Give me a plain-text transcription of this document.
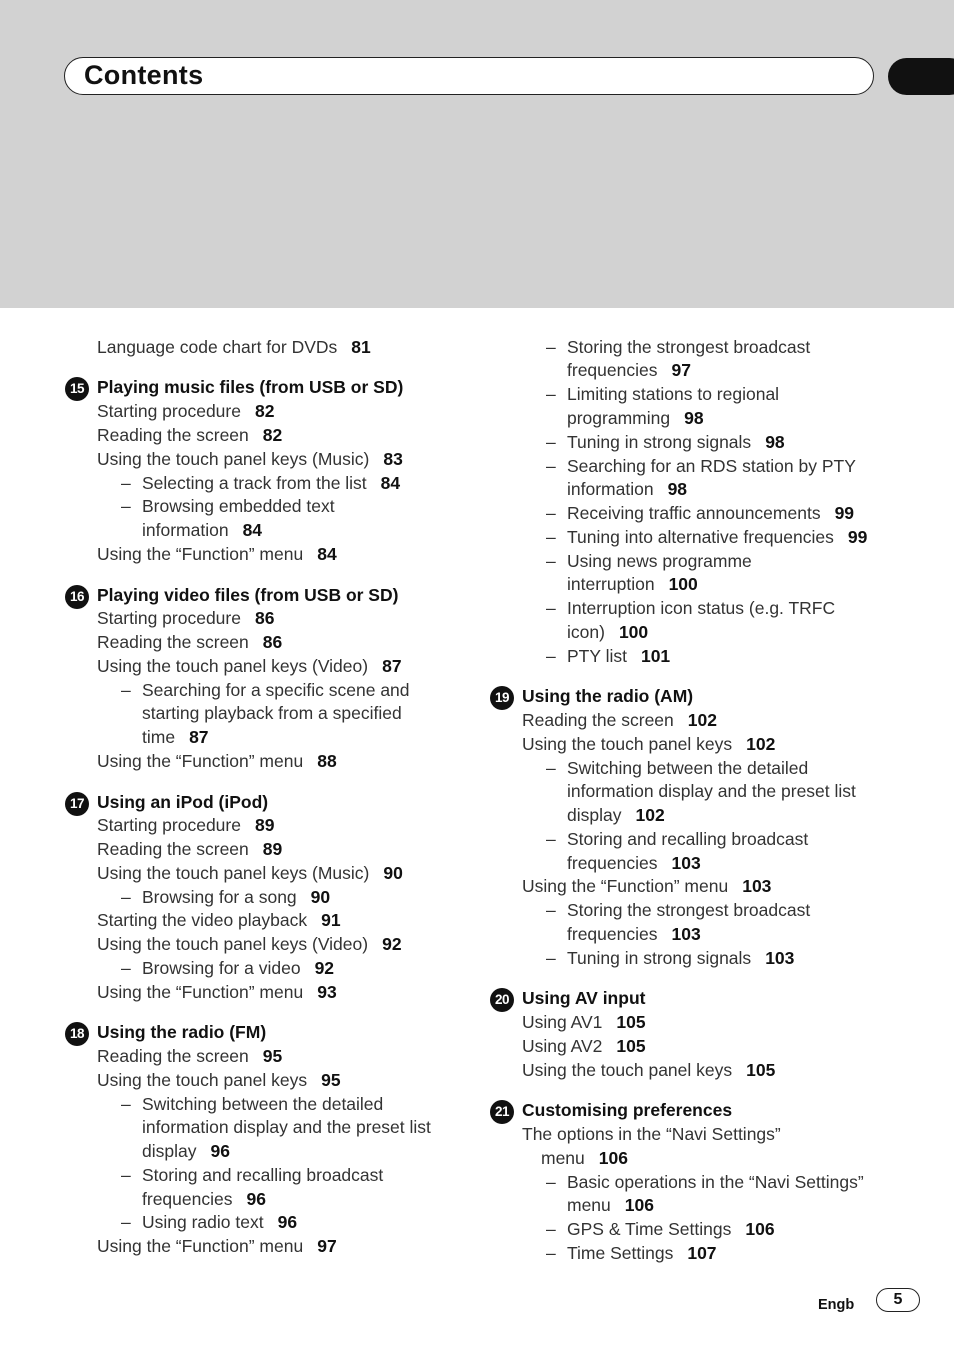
Contents
Language code chart for DVDs 81
15 Playing music files (from USB or SD)
Starting procedure 82
Reading the screen 82
Using the touch panel keys (Music) 83
– Selecting a track from the list 84
– Browsing embedded text
information 84
Using the “Function” menu 84
16 Playing video files (from USB or SD)
Starting procedure 86
Reading the screen 86
Using the touch panel keys (Video) 87
– Searching for a specific scene and
starting playback from a specified
time 87
Using the “Function” menu 88
17 Using an iPod (iPod)
Starting procedure 89
Reading the screen 89
Using the touch panel keys (Music) 90
– Browsing for a song 90
Starting the video playback 91
Using the touch panel keys (Video) 92
– Browsing for a video 92
Using the “Function” menu 93
18 Using the radio (FM)
Reading the screen 95
Using the touch panel keys 95
– Switching between the detailed
information display and the preset list
display 96
– Storing and recalling broadcast
frequencies 96
– Using radio text 96
Using the “Function” menu 97
– Storing the strongest broadcast
frequencies 97
– Limiting stations to regional
programming 98
– Tuning in strong signals 98
– Searching for an RDS station by PTY
information 98
– Receiving traffic announcements 99
– Tuning into alternative frequencies 99
– Using news programme
interruption 100
– Interruption icon status (e.g. TRFC
icon) 100
– PTY list 101
19 Using the radio (AM)
Reading the screen 102
Using the touch panel keys 102
– Switching between the detailed
information display and the preset list
display 102
– Storing and recalling broadcast
frequencies 103
Using the “Function” menu 103
– Storing the strongest broadcast
frequencies 103
– Tuning in strong signals 103
20 Using AV input
Using AV1 105
Using AV2 105
Using the touch panel keys 105
21 Customising preferences
The options in the “Navi Settings”
menu 106
– Basic operations in the “Navi Settings”
menu 106
– GPS & Time Settings 106
– Time Settings 107
Engb	5
